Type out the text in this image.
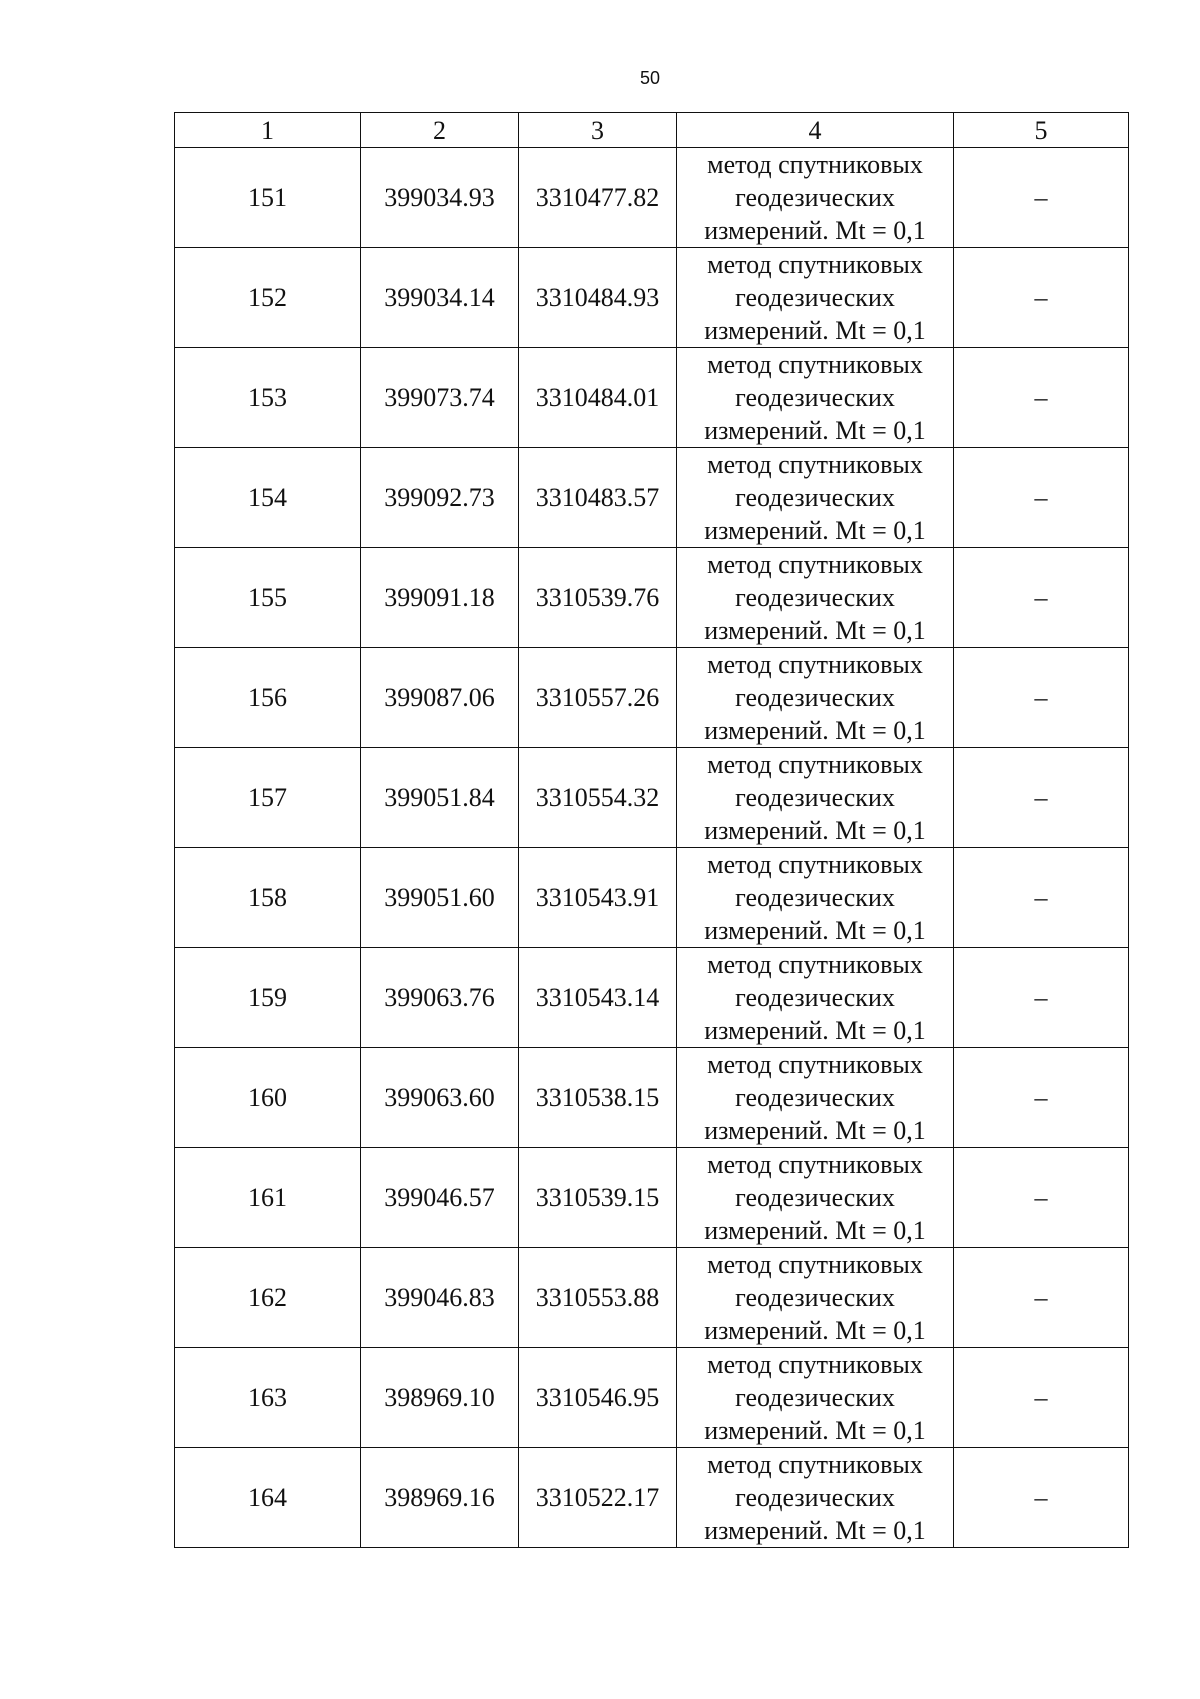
50
1	2	3	4	5
151	399034.93	3310477.82	метод спутниковых
геодезических
измерений. Mt = 0,1	–
152	399034.14	3310484.93	метод спутниковых
геодезических
измерений. Mt = 0,1	–
153	399073.74	3310484.01	метод спутниковых
геодезических
измерений. Mt = 0,1	–
154	399092.73	3310483.57	метод спутниковых
геодезических
измерений. Mt = 0,1	–
155	399091.18	3310539.76	метод спутниковых
геодезических
измерений. Mt = 0,1	–
156	399087.06	3310557.26	метод спутниковых
геодезических
измерений. Mt = 0,1	–
157	399051.84	3310554.32	метод спутниковых
геодезических
измерений. Mt = 0,1	–
158	399051.60	3310543.91	метод спутниковых
геодезических
измерений. Mt = 0,1	–
159	399063.76	3310543.14	метод спутниковых
геодезических
измерений. Mt = 0,1	–
160	399063.60	3310538.15	метод спутниковых
геодезических
измерений. Mt = 0,1	–
161	399046.57	3310539.15	метод спутниковых
геодезических
измерений. Mt = 0,1	–
162	399046.83	3310553.88	метод спутниковых
геодезических
измерений. Mt = 0,1	–
163	398969.10	3310546.95	метод спутниковых
геодезических
измерений. Mt = 0,1	–
164	398969.16	3310522.17	метод спутниковых
геодезических
измерений. Mt = 0,1	–
